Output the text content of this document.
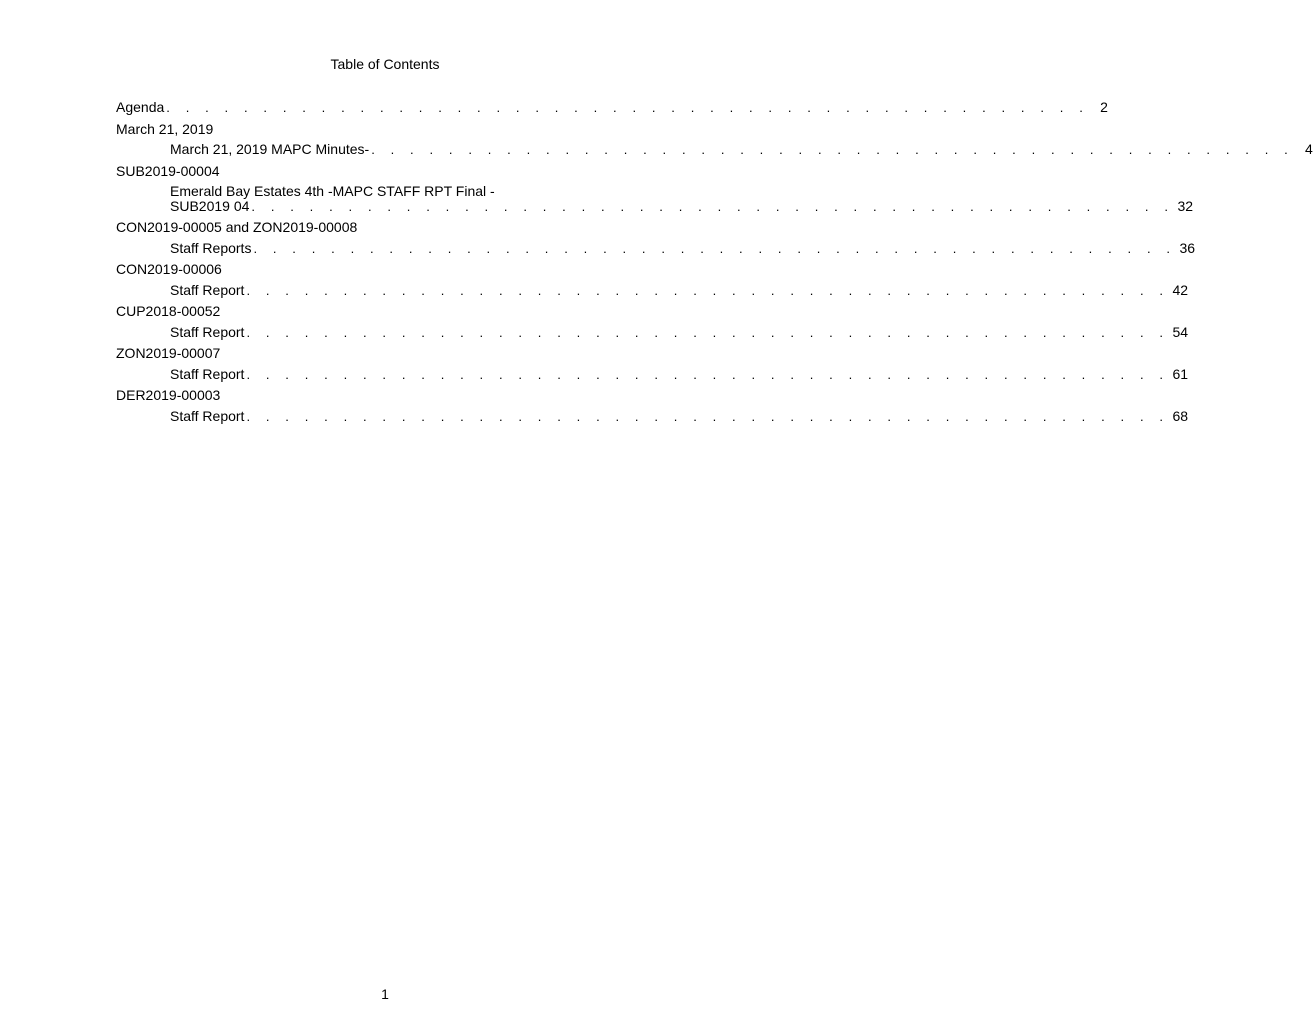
Table of Contents
Agenda . . . . . . . . . . . . . . . . . . . . . . . . . . . . . . . . . . . . . . . . . . . . . . . . 2
March 21, 2019
March 21, 2019 MAPC Minutes- . . . . . . . . . . . . . . . . . . . . . . . . . . . . . . . . . . . . . . . . . . . . . . . . 4
SUB2019-00004
Emerald Bay Estates 4th -MAPC STAFF RPT Final -
SUB2019 04 . . . . . . . . . . . . . . . . . . . . . . . . . . . . . . . . . . . . . . . . . . . . . . . . 32
CON2019-00005 and ZON2019-00008
Staff Reports . . . . . . . . . . . . . . . . . . . . . . . . . . . . . . . . . . . . . . . . . . . . . . . . 36
CON2019-00006
Staff Report . . . . . . . . . . . . . . . . . . . . . . . . . . . . . . . . . . . . . . . . . . . . . . . . 42
CUP2018-00052
Staff Report . . . . . . . . . . . . . . . . . . . . . . . . . . . . . . . . . . . . . . . . . . . . . . . . 54
ZON2019-00007
Staff Report . . . . . . . . . . . . . . . . . . . . . . . . . . . . . . . . . . . . . . . . . . . . . . . . 61
DER2019-00003
Staff Report . . . . . . . . . . . . . . . . . . . . . . . . . . . . . . . . . . . . . . . . . . . . . . . . 68
1
